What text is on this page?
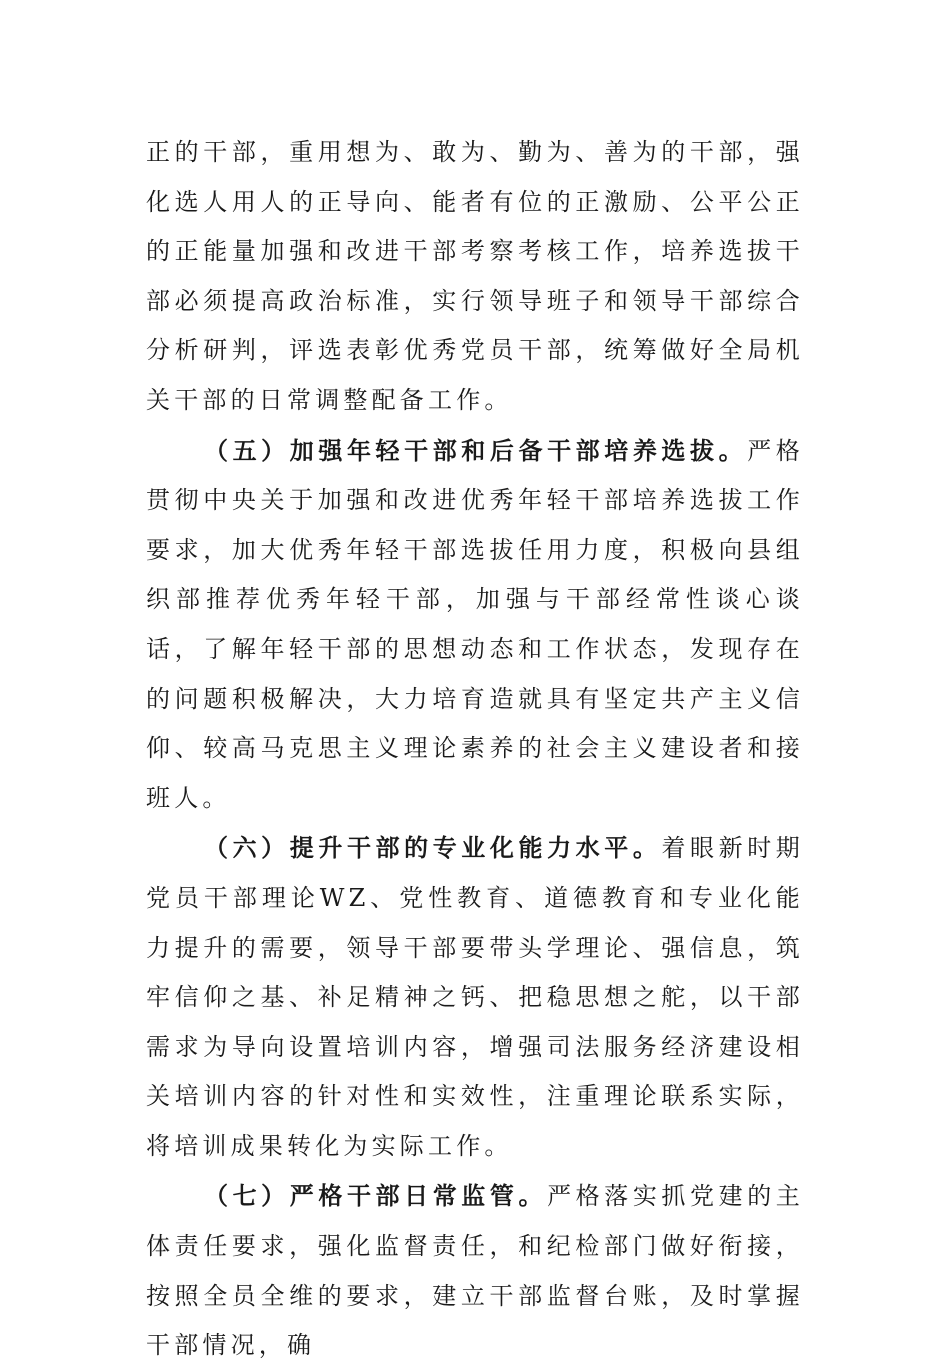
正的干部，重用想为、敢为、勤为、善为的干部，强化选人用人的正导向、能者有位的正激励、公平公正的正能量加强和改进干部考察考核工作，培养选拔干部必须提高政治标准，实行领导班子和领导干部综合分析研判，评选表彰优秀党员干部，统筹做好全局机关干部的日常调整配备工作。

（五）加强年轻干部和后备干部培养选拔。严格贯彻中央关于加强和改进优秀年轻干部培养选拔工作要求，加大优秀年轻干部选拔任用力度，积极向县组织部推荐优秀年轻干部，加强与干部经常性谈心谈话，了解年轻干部的思想动态和工作状态，发现存在的问题积极解决，大力培育造就具有坚定共产主义信仰、较高马克思主义理论素养的社会主义建设者和接班人。

（六）提升干部的专业化能力水平。着眼新时期党员干部理论WZ、党性教育、道德教育和专业化能力提升的需要，领导干部要带头学理论、强信息，筑牢信仰之基、补足精神之钙、把稳思想之舵，以干部需求为导向设置培训内容，增强司法服务经济建设相关培训内容的针对性和实效性，注重理论联系实际，将培训成果转化为实际工作。

（七）严格干部日常监管。严格落实抓党建的主体责任要求，强化监督责任，和纪检部门做好衔接，按照全员全维的要求，建立干部监督台账，及时掌握干部情况，确
